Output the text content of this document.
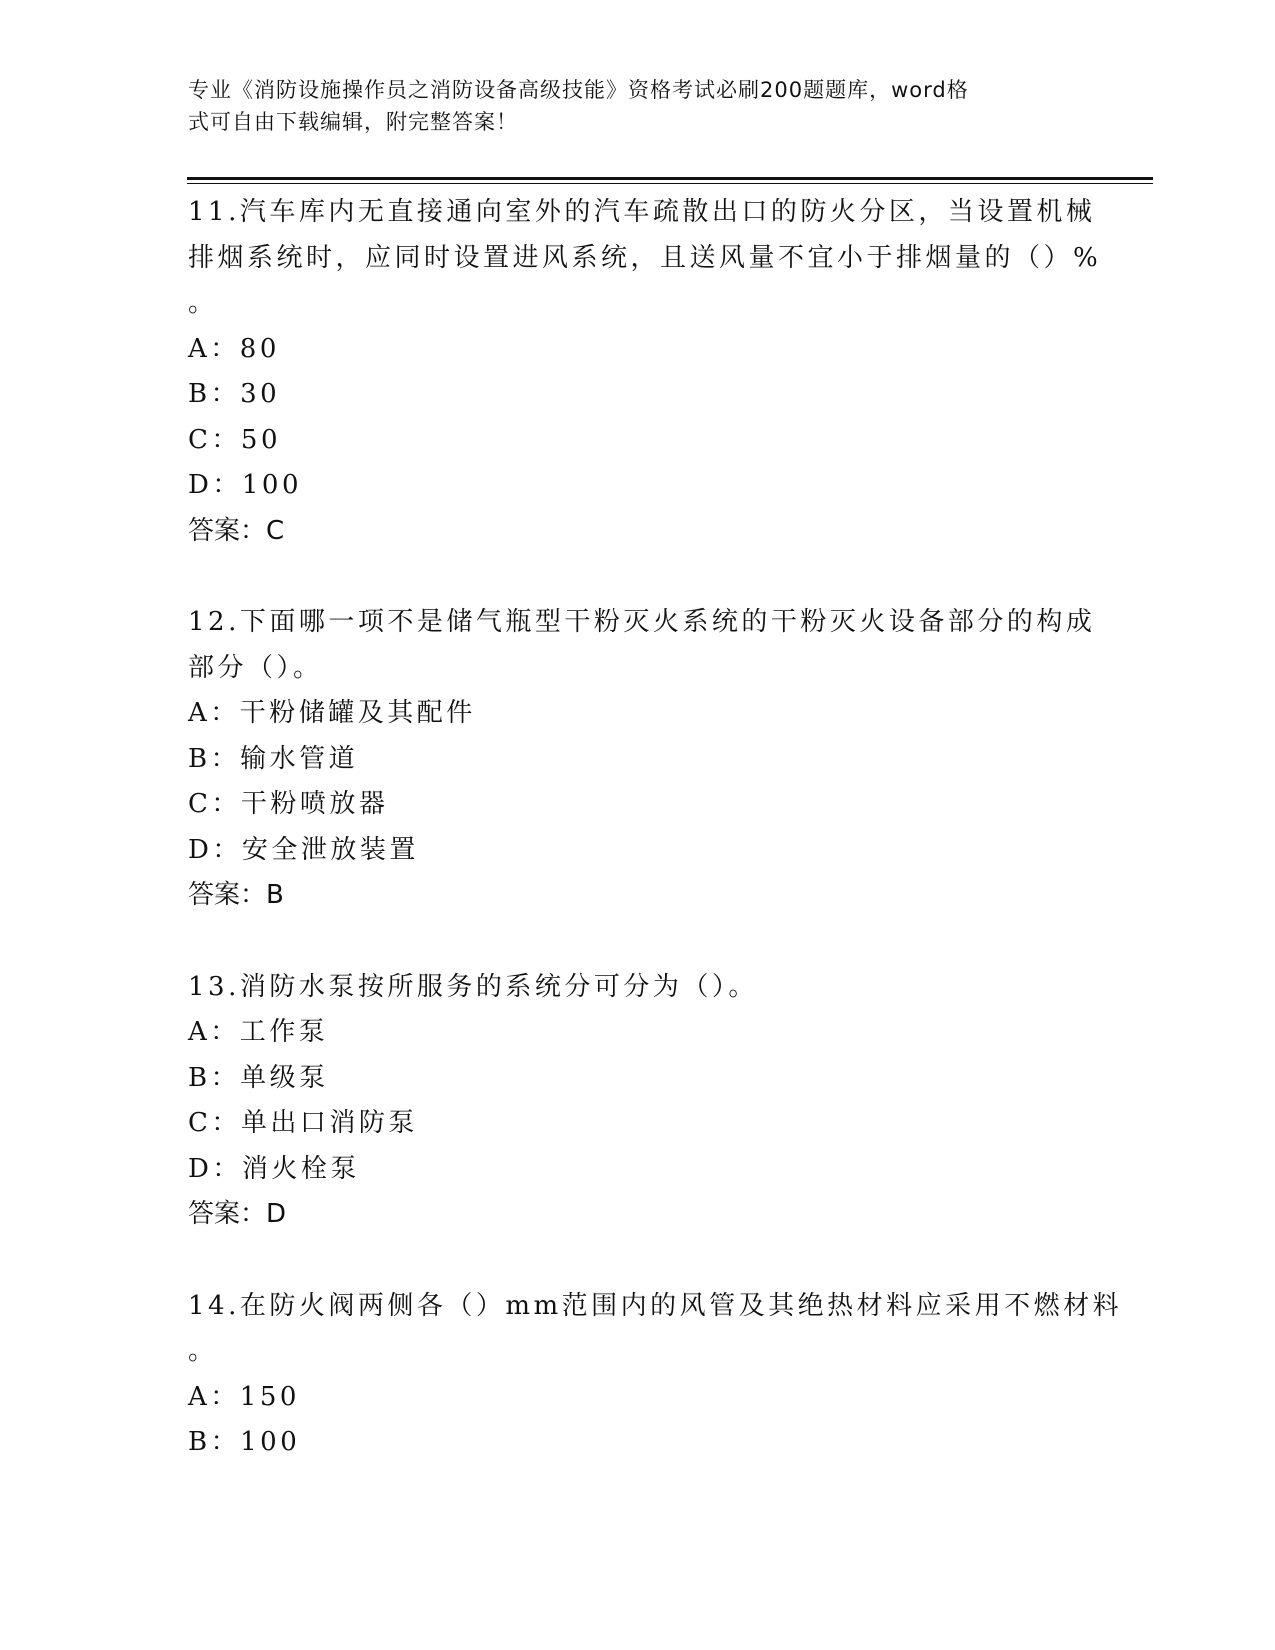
专业《消防设施操作员之消防设备高级技能》资格考试必刷200题题库，word格
式可自由下载编辑，附完整答案！
11.汽车库内无直接通向室外的汽车疏散出口的防火分区，当设置机械
排烟系统时，应同时设置进风系统，且送风量不宜小于排烟量的（）%
。
A：80
B：30
C：50
D：100
答案：C
12.下面哪一项不是储气瓶型干粉灭火系统的干粉灭火设备部分的构成
部分（）。
A：干粉储罐及其配件
B：输水管道
C：干粉喷放器
D：安全泄放装置
答案：B
13.消防水泵按所服务的系统分可分为（）。
A：工作泵
B：单级泵
C：单出口消防泵
D：消火栓泵
答案：D
14.在防火阀两侧各（）mm范围内的风管及其绝热材料应采用不燃材料
。
A：150
B：100
